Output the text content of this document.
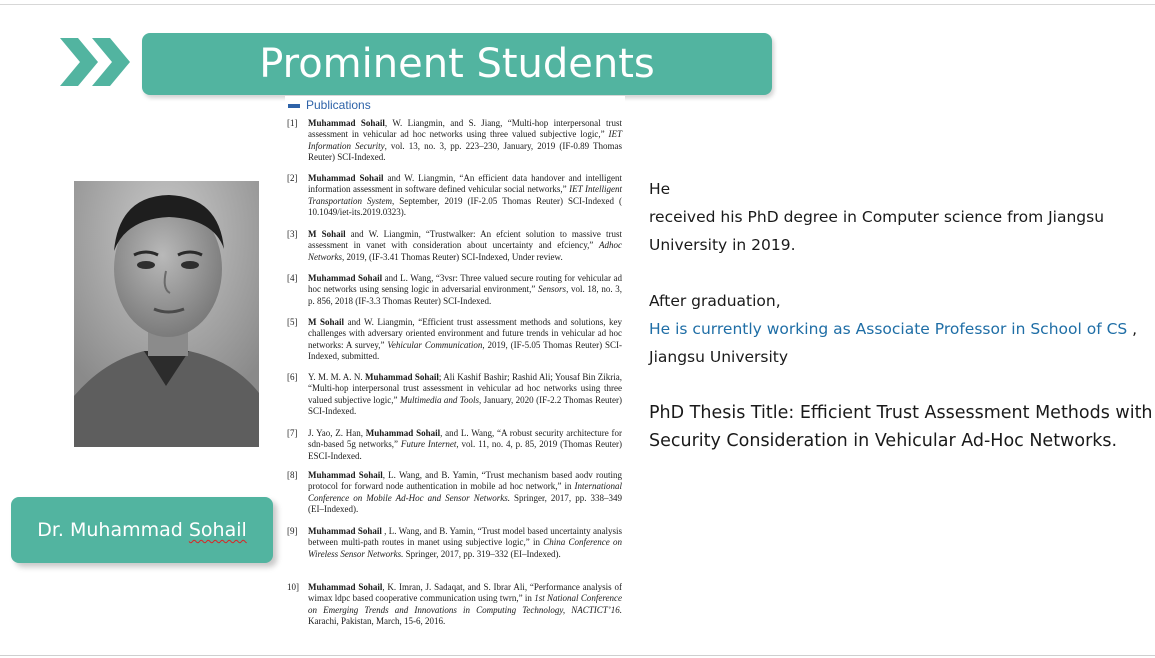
Prominent Students
Dr. Muhammad Sohail
Publications
[1]	Muhammad Sohail, W. Liangmin, and S. Jiang, “Multi-hop interpersonal trust assessment in vehicular ad hoc networks using three valued subjective logic,” IET Information Security, vol. 13, no. 3, pp. 223–230, January, 2019 (IF-0.89 Thomas Reuter) SCI-Indexed.
[2]	Muhammad Sohail and W. Liangmin, “An efficient data handover and intelligent information assessment in software defined vehicular social networks,” IET Intelligent Transportation System, September, 2019 (IF-2.05 Thomas Reuter) SCI-Indexed ( 10.1049/iet-its.2019.0323).
[3]	M Sohail and W. Liangmin, “Trustwalker: An efcient solution to massive trust assessment in vanet with consideration about uncertainty and efciency,” Adhoc Networks, 2019, (IF-3.41 Thomas Reuter) SCI-Indexed, Under review.
[4]	Muhammad Sohail and L. Wang, “3vsr: Three valued secure routing for vehicular ad hoc networks using sensing logic in adversarial environment,” Sensors, vol. 18, no. 3, p. 856, 2018 (IF-3.3 Thomas Reuter) SCI-Indexed.
[5]	M Sohail and W. Liangmin, “Efficient trust assessment methods and solutions, key challenges with adversary oriented environment and future trends in vehicular ad hoc networks: A survey,” Vehicular Communication, 2019, (IF-5.05 Thomas Reuter) SCI-Indexed, submitted.
[6]	Y. M. M. A. N. Muhammad Sohail; Ali Kashif Bashir; Rashid Ali; Yousaf Bin Zikria, “Multi-hop interpersonal trust assessment in vehicular ad hoc networks using three valued subjective logic,” Multimedia and Tools, January, 2020 (IF-2.2 Thomas Reuter) SCI-Indexed.
[7]	J. Yao, Z. Han, Muhammad Sohail, and L. Wang, “A robust security architecture for sdn-based 5g networks,” Future Internet, vol. 11, no. 4, p. 85, 2019 (Thomas Reuter) ESCI-Indexed.
[8]	Muhammad Sohail, L. Wang, and B. Yamin, “Trust mechanism based aodv routing protocol for forward node authentication in mobile ad hoc network,” in International Conference on Mobile Ad-Hoc and Sensor Networks. Springer, 2017, pp. 338–349 (EI–Indexed).
[9]	Muhammad Sohail , L. Wang, and B. Yamin, “Trust model based uncertainty analysis between multi-path routes in manet using subjective logic,” in China Conference on Wireless Sensor Networks. Springer, 2017, pp. 319–332 (EI–Indexed).
10]	Muhammad Sohail, K. Imran, J. Sadaqat, and S. Ibrar Ali, “Performance analysis of wimax ldpc based cooperative communication using twrn,” in 1st National Conference on Emerging Trends and Innovations in Computing Technology, NACTICT’16. Karachi, Pakistan, March, 15-6, 2016.

He

received his PhD degree in Computer science from Jiangsu University in 2019.

After graduation,

He is currently working as Associate Professor in School of CS ,

Jiangsu University

PhD Thesis Title: Efficient Trust Assessment Methods with Security Consideration in Vehicular Ad-Hoc Networks.
